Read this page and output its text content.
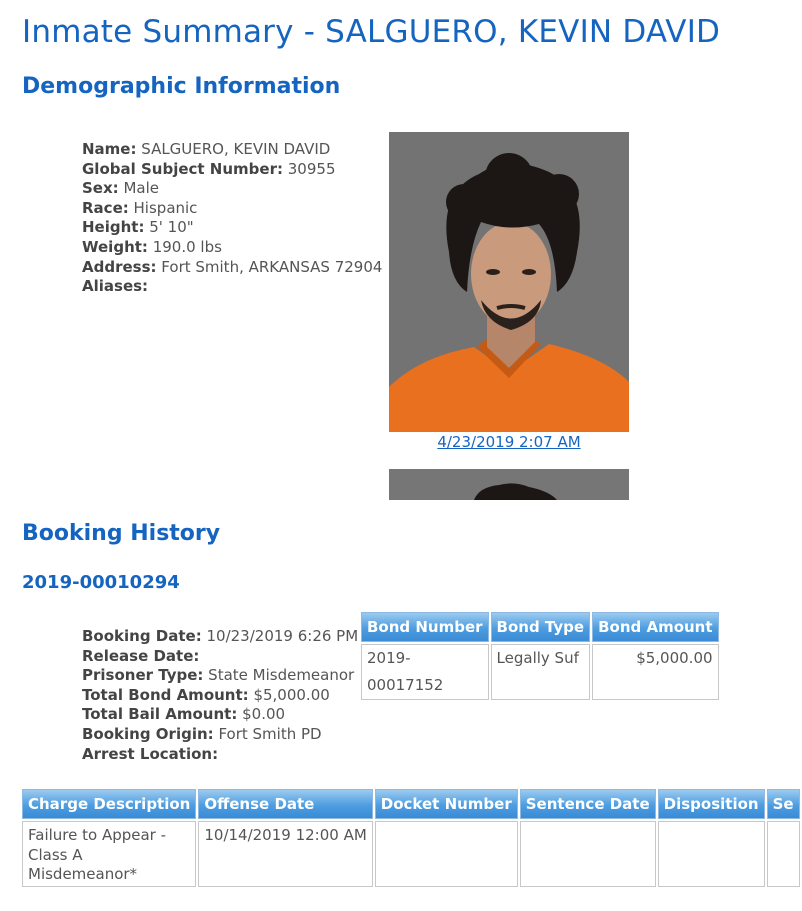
Inmate Summary - SALGUERO, KEVIN DAVID
Demographic Information
Name: SALGUERO, KEVIN DAVID
Global Subject Number: 30955
Sex: Male
Race: Hispanic
Height: 5' 10"
Weight: 190.0 lbs
Address: Fort Smith, ARKANSAS 72904
Aliases:
4/23/2019 2:07 AM
Booking History
2019-00010294
Booking Date: 10/23/2019 6:26 PM
Release Date:
Prisoner Type: State Misdemeanor
Total Bond Amount: $5,000.00
Total Bail Amount: $0.00
Booking Origin: Fort Smith PD
Arrest Location:
Bond Number	Bond Type	Bond Amount
2019-00017152	Legally Suf	$5,000.00
Charge Description	Offense Date	Docket Number	Sentence Date	Disposition	Se
Failure to Appear - Class A Misdemeanor*	10/14/2019 12:00 AM				
